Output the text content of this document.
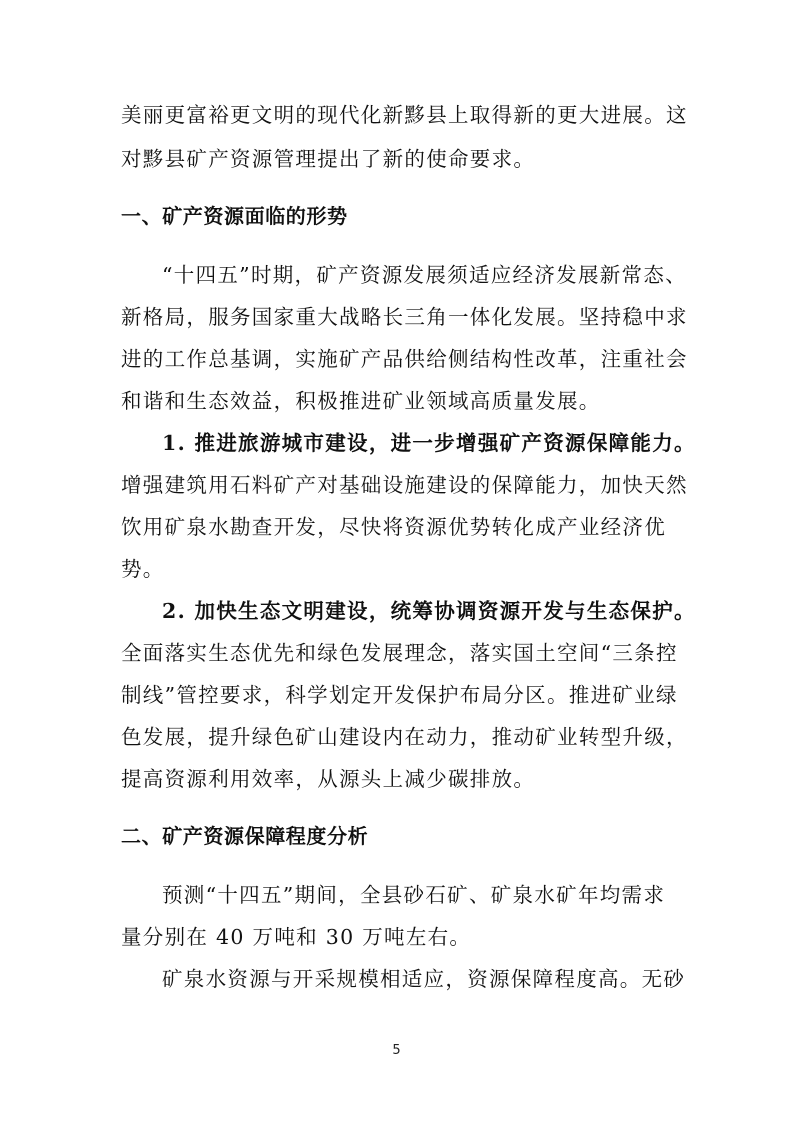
美丽更富裕更文明的现代化新黟县上取得新的更大进展。这
对黟县矿产资源管理提出了新的使命要求。
一、矿产资源面临的形势
“十四五”时期，矿产资源发展须适应经济发展新常态、
新格局，服务国家重大战略长三角一体化发展。坚持稳中求
进的工作总基调，实施矿产品供给侧结构性改革，注重社会
和谐和生态效益，积极推进矿业领域高质量发展。
1. 推进旅游城市建设，进一步增强矿产资源保障能力。
增强建筑用石料矿产对基础设施建设的保障能力，加快天然
饮用矿泉水勘查开发，尽快将资源优势转化成产业经济优
势。
2. 加快生态文明建设，统筹协调资源开发与生态保护。
全面落实生态优先和绿色发展理念，落实国土空间“三条控
制线”管控要求，科学划定开发保护布局分区。推进矿业绿
色发展，提升绿色矿山建设内在动力，推动矿业转型升级，
提高资源利用效率，从源头上减少碳排放。
二、矿产资源保障程度分析
预测“十四五”期间，全县砂石矿、矿泉水矿年均需求
量分别在 40 万吨和 30 万吨左右。
矿泉水资源与开采规模相适应，资源保障程度高。无砂
5
